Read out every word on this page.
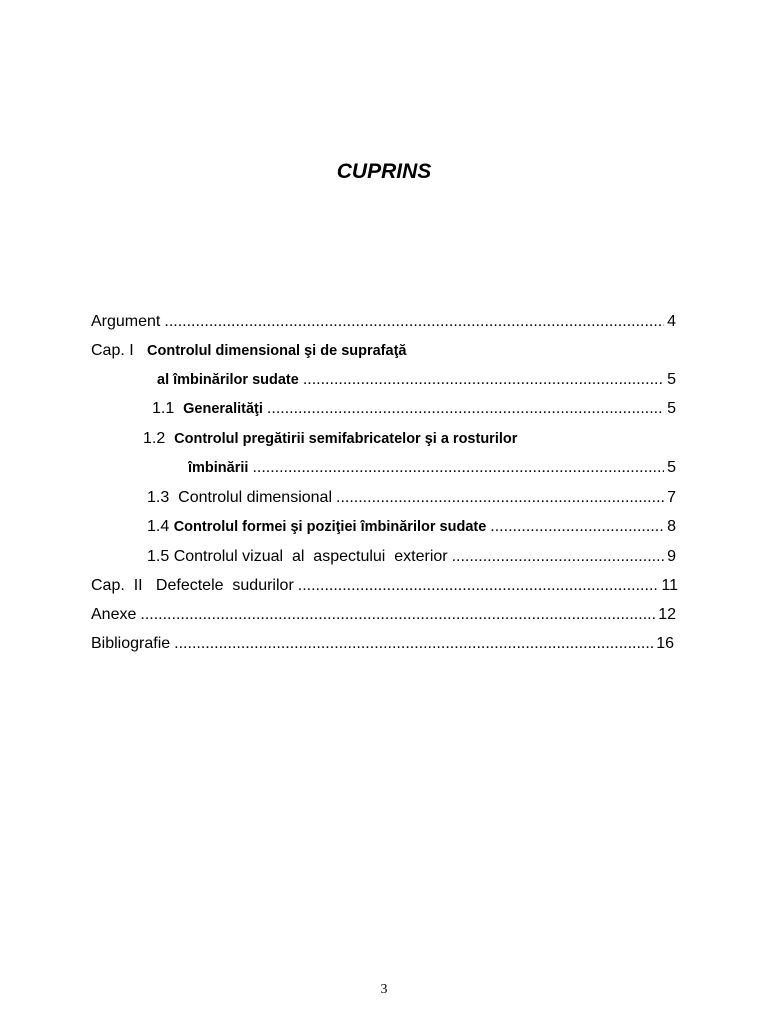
CUPRINS
Argument .....	4
Cap. I Controlul dimensional şi de suprafaţă
al îmbinărilor sudate .....	5
1.1 Generalităţi .....	5
1.2 Controlul pregătirii semifabricatelor şi a rosturilor
îmbinării .....	5
1.3 Controlul dimensional .....	7
1.4 Controlul formei şi poziţiei îmbinărilor sudate .....	8
1.5 Controlul vizual  al  aspectului  exterior .....	9
Cap.  II Defectele  sudurilor .....	11
Anexe .....	12
Bibliografie .....	16
3
